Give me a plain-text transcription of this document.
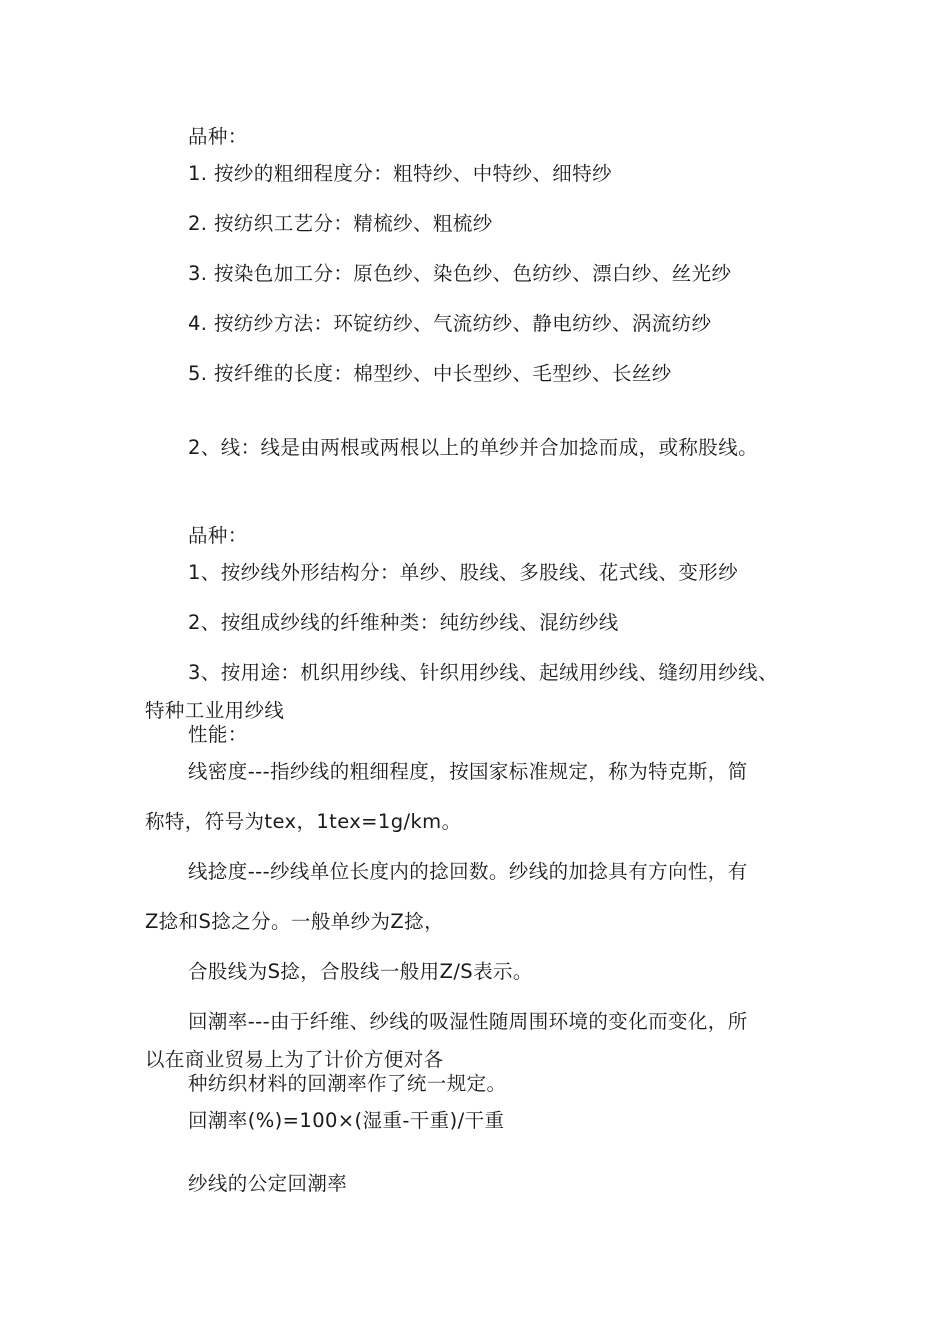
品种：
1. 按纱的粗细程度分：粗特纱、中特纱、细特纱
2. 按纺织工艺分：精梳纱、粗梳纱
3. 按染色加工分：原色纱、染色纱、色纺纱、漂白纱、丝光纱
4. 按纺纱方法：环锭纺纱、气流纺纱、静电纺纱、涡流纺纱
5. 按纤维的长度：棉型纱、中长型纱、毛型纱、长丝纱
2、线：线是由两根或两根以上的单纱并合加捻而成，或称股线。
品种：
1、按纱线外形结构分：单纱、股线、多股线、花式线、变形纱
2、按组成纱线的纤维种类：纯纺纱线、混纺纱线
3、按用途：机织用纱线、针织用纱线、起绒用纱线、缝纫用纱线、
特种工业用纱线
性能：
线密度---指纱线的粗细程度，按国家标准规定，称为特克斯，简
称特，符号为tex，1tex=1g/km。
线捻度---纱线单位长度内的捻回数。纱线的加捻具有方向性，有
Z捻和S捻之分。一般单纱为Z捻，
合股线为S捻，合股线一般用Z/S表示。
回潮率---由于纤维、纱线的吸湿性随周围环境的变化而变化，所
以在商业贸易上为了计价方便对各
种纺织材料的回潮率作了统一规定。
回潮率(%)=100×(湿重-干重)/干重
纱线的公定回潮率
